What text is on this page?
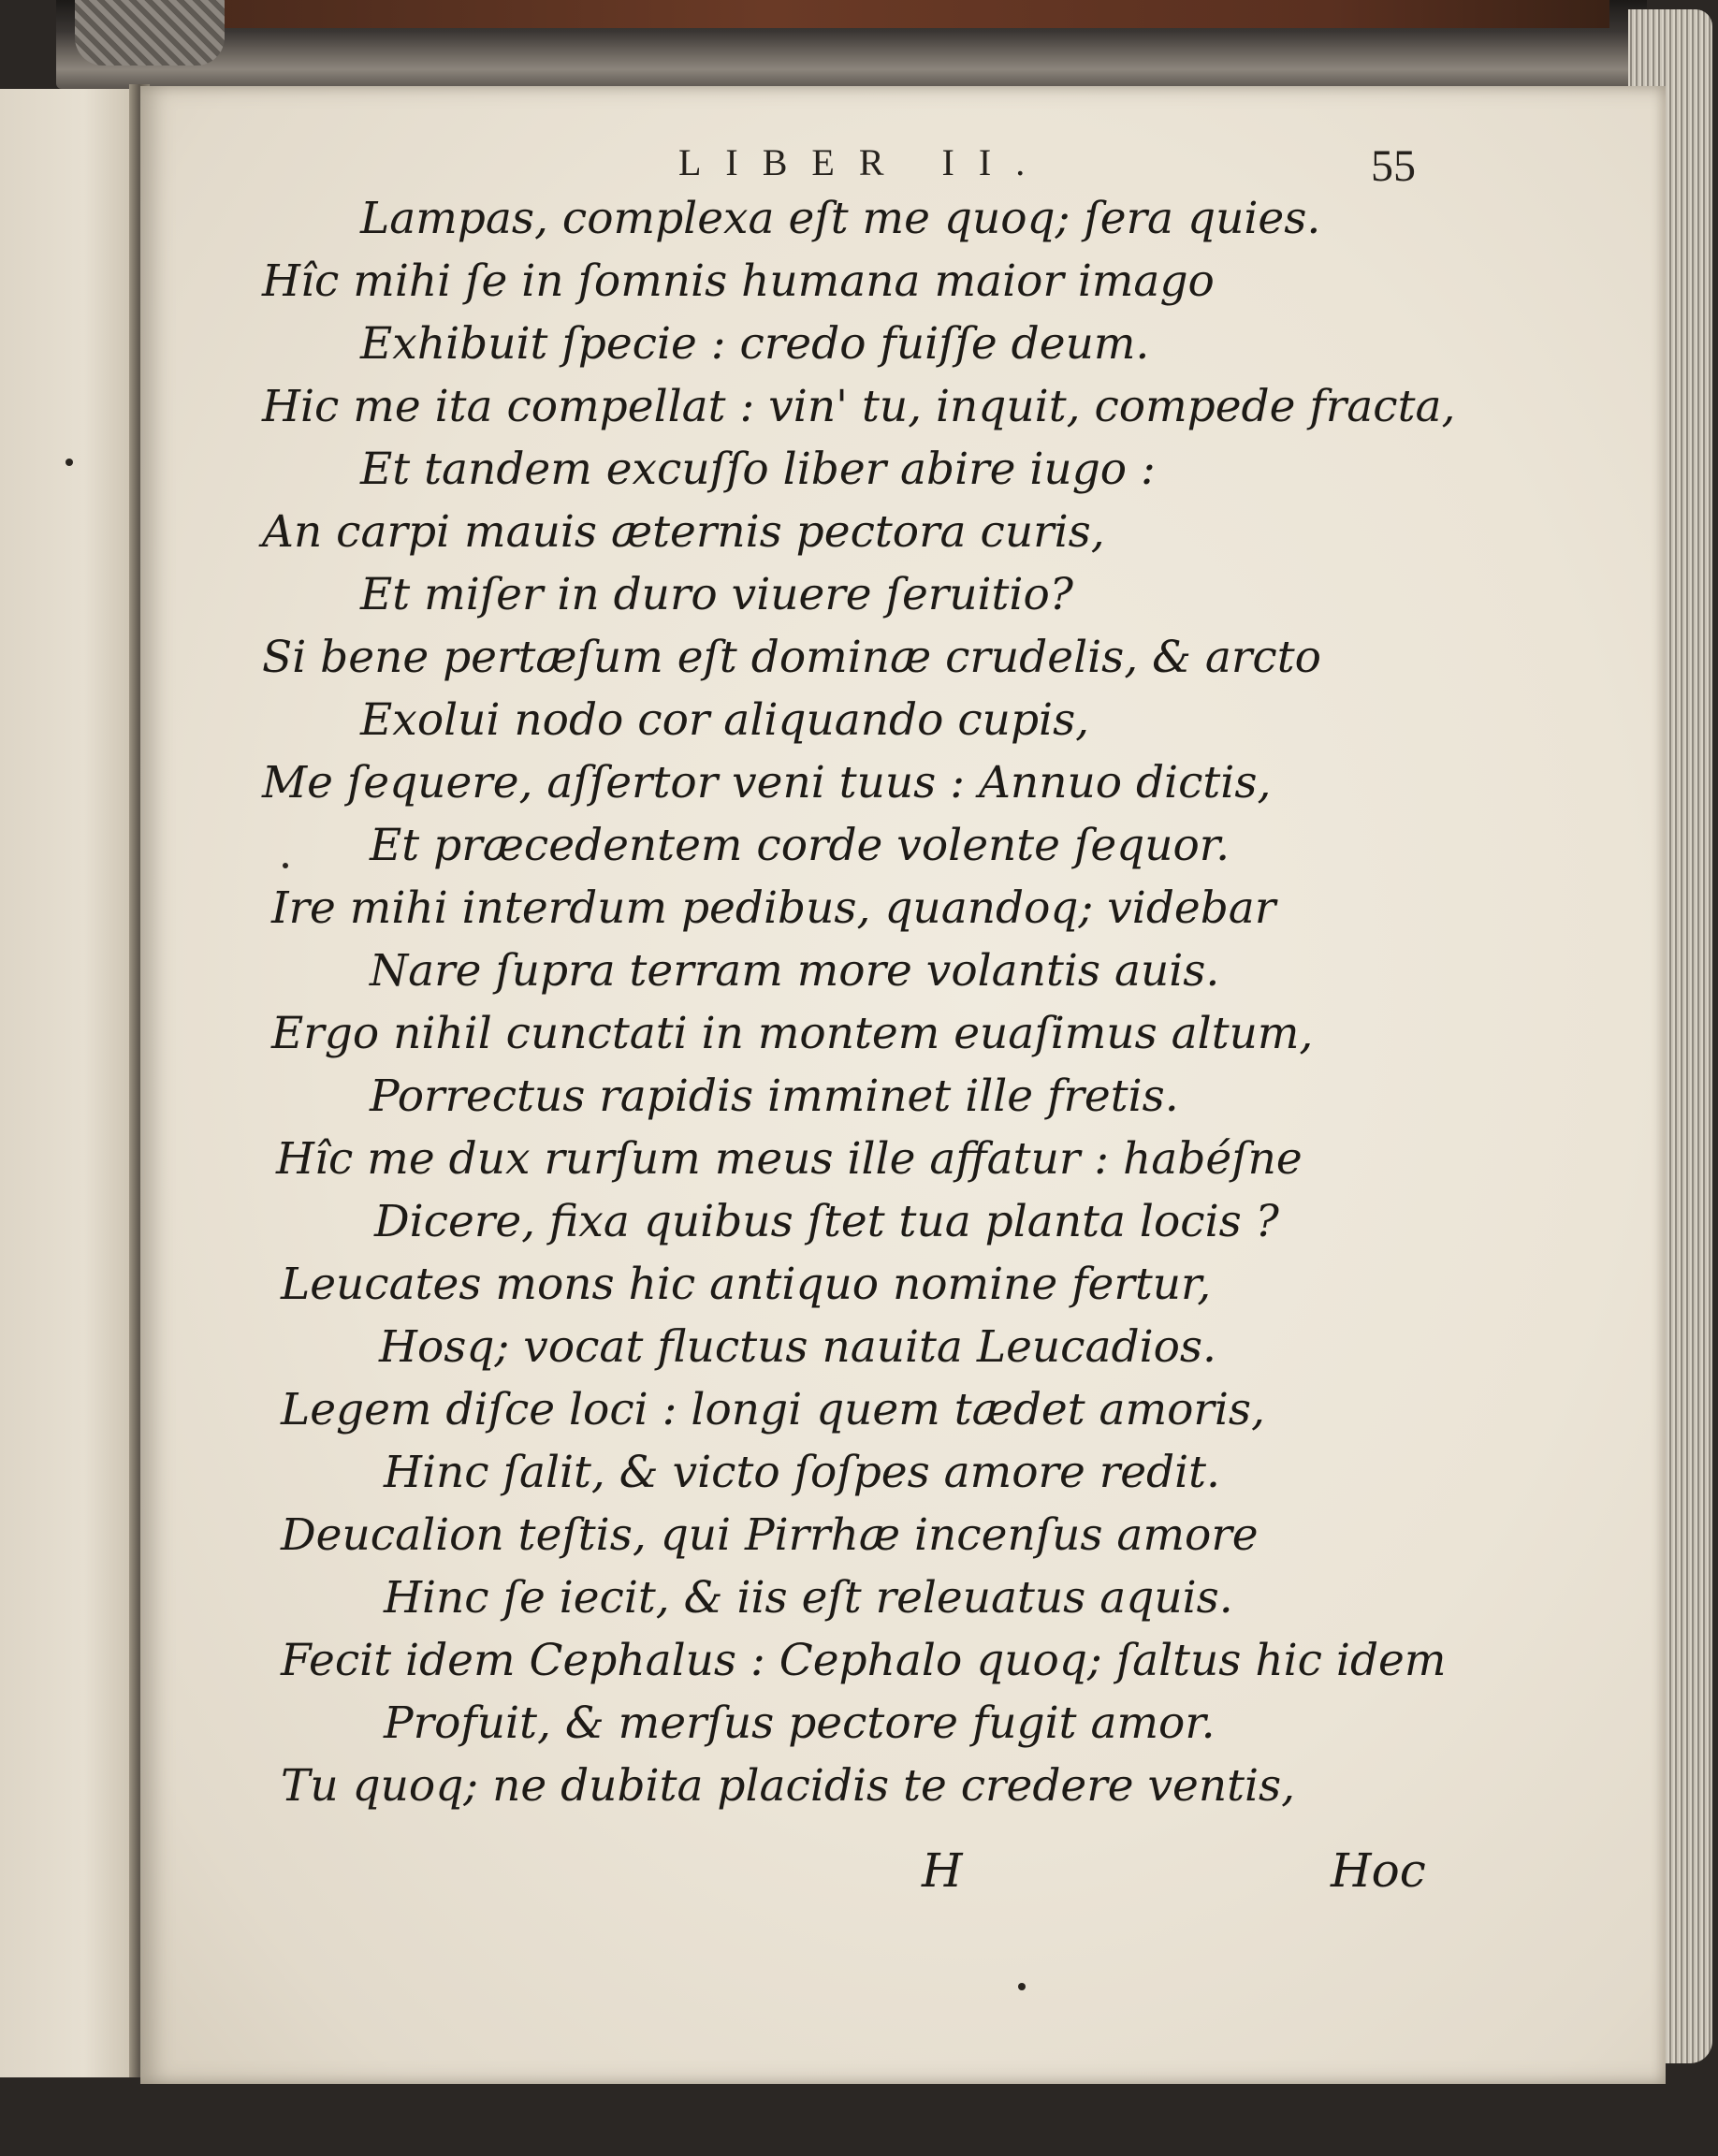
LIBER II.	55
Lampas, complexa eſt me quoq; ſera quies.
Hîc mihi ſe in ſomnis humana maior imago
Exhibuit ſpecie : credo fuiſſe deum.
Hic me ita compellat : vin' tu, inquit, compede fracta,
Et tandem excuſſo liber abire iugo :
An carpi mauis æternis pectora curis,
Et miſer in duro viuere ſeruitio?
Si bene pertæſum eſt dominæ crudelis, & arcto
Exolui nodo cor aliquando cupis,
Me ſequere, aſſertor veni tuus : Annuo dictis,
Et præcedentem corde volente ſequor.
Ire mihi interdum pedibus, quandoq; videbar
Nare ſupra terram more volantis auis.
Ergo nihil cunctati in montem euaſimus altum,
Porrectus rapidis imminet ille fretis.
Hîc me dux rurſum meus ille affatur : habéſne
Dicere, fixa quibus ſtet tua planta locis ?
Leucates mons hic antiquo nomine fertur,
Hosq; vocat fluctus nauita Leucadios.
Legem diſce loci : longi quem tædet amoris,
Hinc ſalit, & victo ſoſpes amore redit.
Deucalion teſtis, qui Pirrhæ incenſus amore
Hinc ſe iecit, & iis eſt releuatus aquis.
Fecit idem Cephalus : Cephalo quoq; ſaltus hic idem
Profuit, & merſus pectore fugit amor.
Tu quoq; ne dubita placidis te credere ventis,
H	Hoc
